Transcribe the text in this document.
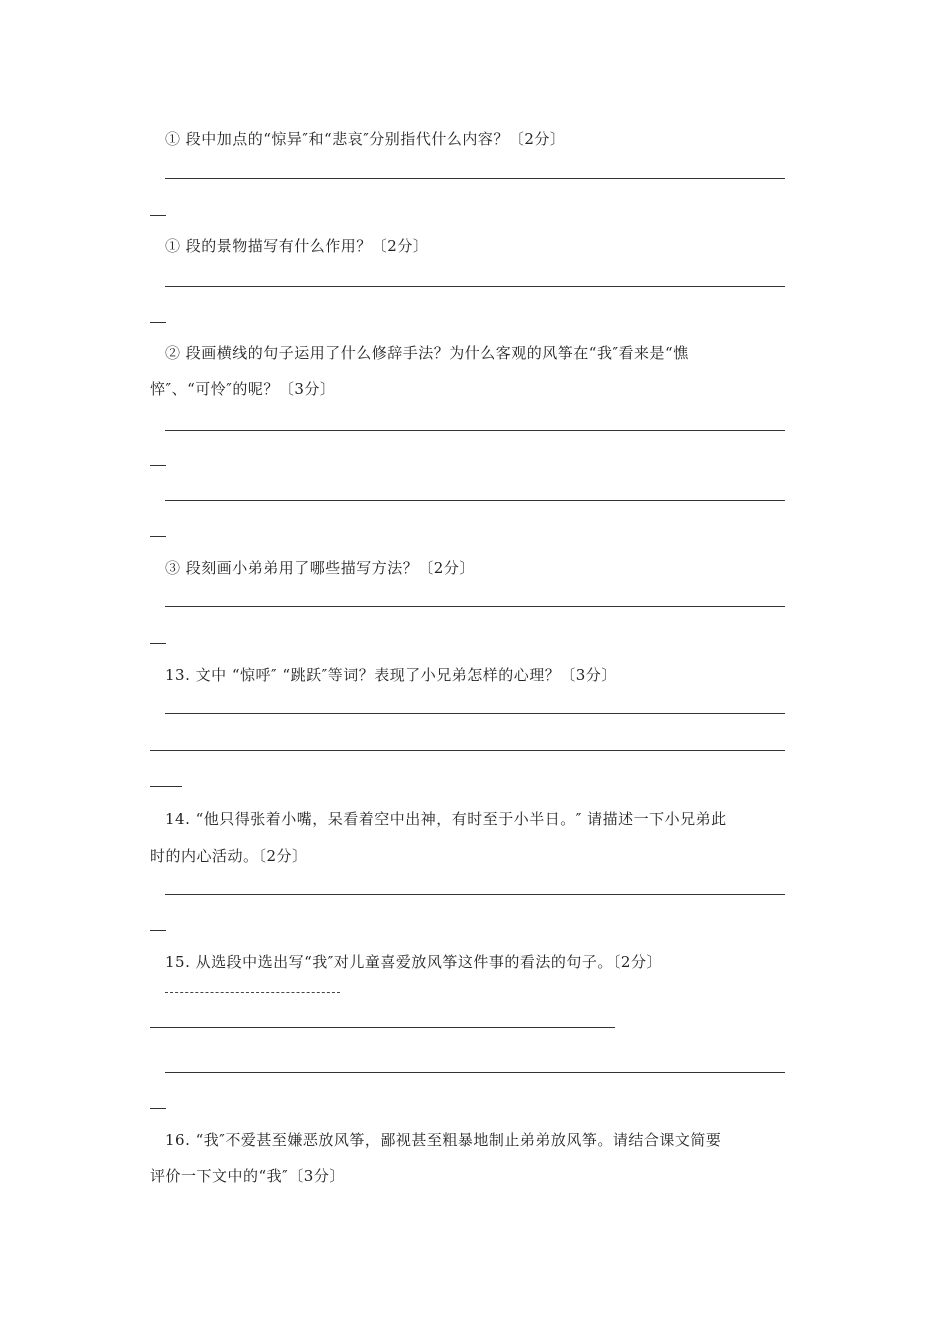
① 段中加点的“惊异″和“悲哀″分别指代什么内容？〔2分〕

① 段的景物描写有什么作用？〔2分〕

② 段画横线的句子运用了什么修辞手法？为什么客观的风筝在“我″看来是“憔

悴″、“可怜″的呢？〔3分〕

③ 段刻画小弟弟用了哪些描写方法？〔2分〕

13. 文中 “惊呼″ “跳跃″等词？表现了小兄弟怎样的心理？〔3分〕

14. “他只得张着小嘴，呆看着空中出神，有时至于小半日。″ 请描述一下小兄弟此

时的内心活动。〔2分〕

15. 从选段中选出写“我″对儿童喜爱放风筝这件事的看法的句子。〔2分〕

16. “我″不爱甚至嫌恶放风筝，鄙视甚至粗暴地制止弟弟放风筝。请结合课文简要

评价一下文中的“我″〔3分〕
